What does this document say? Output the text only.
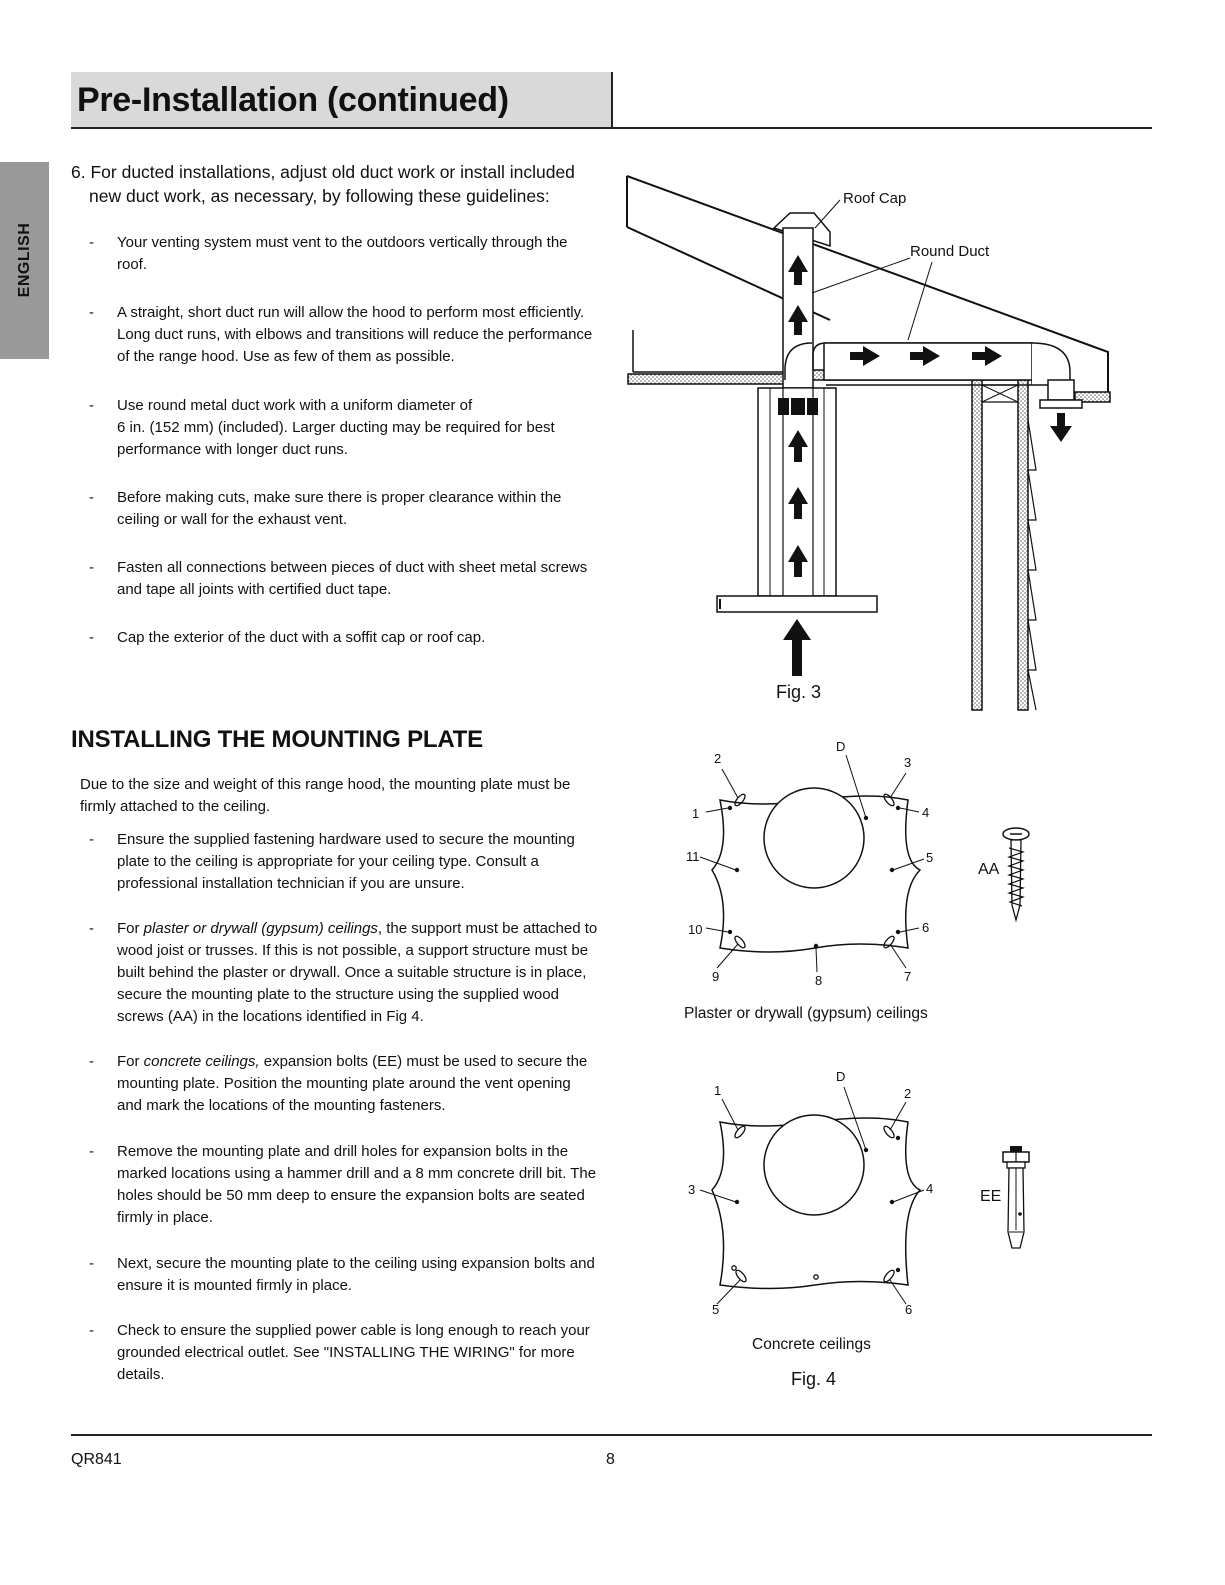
Pre-Installation (continued)
ENGLISH
6. For ducted installations, adjust old duct work or install included
new duct work, as necessary, by following these guidelines:
- Your venting system must vent to the outdoors vertically through the roof.
- A straight, short duct run will allow the hood to perform most efficiently. Long duct runs, with elbows and transitions will reduce the performance of the range hood. Use as few of them as possible.
- Use round metal duct work with a uniform diameter of
6 in. (152 mm) (included). Larger ducting may be required for best performance with longer duct runs.
- Before making cuts, make sure there is proper clearance within the ceiling or wall for the exhaust vent.
- Fasten all connections between pieces of duct with sheet metal screws and tape all joints with certified duct tape.
- Cap the exterior of the duct with a soffit cap or roof cap.
INSTALLING THE MOUNTING PLATE
Due to the size and weight of this range hood, the mounting plate must be firmly attached to the ceiling.
- Ensure the supplied fastening hardware used to secure the mounting plate to the ceiling is appropriate for your ceiling type. Consult a professional installation technician if you are unsure.
- For plaster or drywall (gypsum) ceilings, the support must be attached to wood joist or trusses. If this is not possible, a support structure must be built behind the plaster or drywall. Once a suitable structure is in place, secure the mounting plate to the structure using the supplied wood screws (AA) in the locations identified in Fig 4.
- For concrete ceilings, expansion bolts (EE) must be used to secure the mounting plate. Position the mounting plate around the vent opening and mark the locations of the mounting fasteners.
- Remove the mounting plate and drill holes for expansion bolts in the marked locations using a hammer drill and a 8 mm concrete drill bit. The holes should be 50 mm deep to ensure the expansion bolts are seated firmly in place.
- Next, secure the mounting plate to the ceiling using expansion bolts and ensure it is mounted firmly in place.
- Check to ensure the supplied power cable is long enough to reach your grounded electrical outlet. See "INSTALLING THE WIRING" for more details.
Roof Cap
Round Duct
Fig. 3
D
1
2	3
4
5
6
7
8
9
10
11
AA
Plaster or drywall (gypsum) ceilings
D
1	2
3	4
5	6
EE
Concrete ceilings
Fig. 4
QR841	8
